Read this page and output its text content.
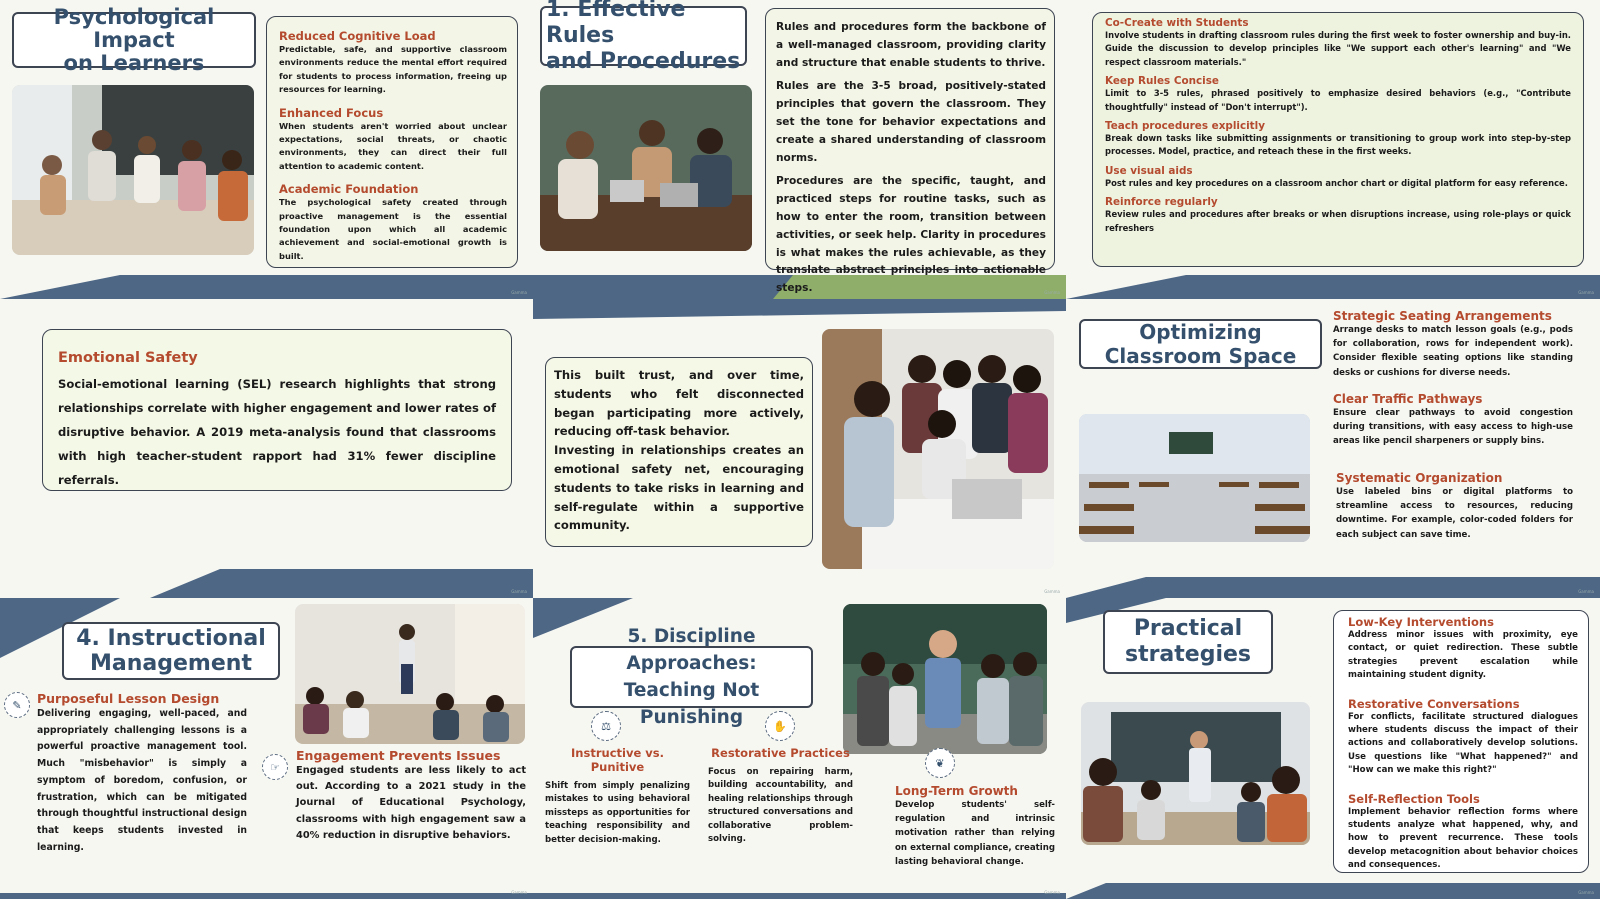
Psychological Impact
on Learners
Reduced Cognitive Load
Predictable, safe, and supportive classroom environments reduce the mental effort required for students to process information, freeing up resources for learning.
Enhanced Focus
When students aren't worried about unclear expectations, social threats, or chaotic environments, they can direct their full attention to academic content.
Academic Foundation
The psychological safety created through proactive management is the essential foundation upon which all academic achievement and social-emotional growth is built.
Gamma
1. Effective Rules
and Procedures
Rules and procedures form the backbone of a well-managed classroom, providing clarity and structure that enable students to thrive.
Rules are the 3-5 broad, positively-stated principles that govern the classroom. They set the tone for behavior expectations and create a shared understanding of classroom norms.
Procedures are the specific, taught, and practiced steps for routine tasks, such as how to enter the room, transition between activities, or seek help. Clarity in procedures is what makes the rules achievable, as they translate abstract principles into actionable steps.	Gamma
Co-Create with Students
Involve students in drafting classroom rules during the first week to foster ownership and buy-in. Guide the discussion to develop principles like "We support each other's learning" and "We respect classroom materials."
Keep Rules Concise
Limit to 3-5 rules, phrased positively to emphasize desired behaviors (e.g., "Contribute thoughtfully" instead of "Don't interrupt").
Teach procedures explicitly
Break down tasks like submitting assignments or transitioning to group work into step-by-step processes. Model, practice, and reteach these in the first weeks.
Use visual aids
Post rules and key procedures on a classroom anchor chart or digital platform for easy reference.
Reinforce regularly
Review rules and procedures after breaks or when disruptions increase, using role-plays or quick refreshers
Gamma
Emotional Safety
Social-emotional learning (SEL) research highlights that strong relationships correlate with higher engagement and lower rates of disruptive behavior. A 2019 meta-analysis found that classrooms with high teacher-student rapport had 31% fewer discipline referrals.
Gamma
This built trust, and over time, students who felt disconnected began participating more actively, reducing off-task behavior.
Investing in relationships creates an emotional safety net, encouraging students to take risks in learning and self-regulate within a supportive community.
Gamma
Optimizing
Classroom Space
Strategic Seating Arrangements
Arrange desks to match lesson goals (e.g., pods for collaboration, rows for independent work). Consider flexible seating options like standing desks or cushions for diverse needs.
Clear Traffic Pathways
Ensure clear pathways to avoid congestion during transitions, with easy access to high-use areas like pencil sharpeners or supply bins.
Systematic Organization
Use labeled bins or digital platforms to streamline access to resources, reducing downtime. For example, color-coded folders for each subject can save time.
Gamma
4. Instructional
Management
✎	Purposeful Lesson Design
Delivering engaging, well-paced, and appropriately challenging lessons is a powerful proactive management tool. Much "misbehavior" is simply a symptom of boredom, confusion, or frustration, which can be mitigated through thoughtful instructional design that keeps students invested in learning.
☞
Engagement Prevents Issues
Engaged students are less likely to act out. According to a 2021 study in the Journal of Educational Psychology, classrooms with high engagement saw a 40% reduction in disruptive behaviors.
Gamma
5. Discipline Approaches:
Teaching Not Punishing
⚖	✋
❦
Instructive vs. Punitive
Shift from simply penalizing mistakes to using behavioral missteps as opportunities for teaching responsibility and better decision-making.
Restorative Practices
Focus on repairing harm, building accountability, and healing relationships through structured conversations and collaborative problem-solving.
Long-Term Growth
Develop students' self-regulation and intrinsic motivation rather than relying on external compliance, creating lasting behavioral change.
Gamma
Practical
strategies
Low-Key Interventions
Address minor issues with proximity, eye contact, or quiet redirection. These subtle strategies prevent escalation while maintaining student dignity.
Restorative Conversations
For conflicts, facilitate structured dialogues where students discuss the impact of their actions and collaboratively develop solutions. Use questions like "What happened?" and "How can we make this right?"
Self-Reflection Tools
Implement behavior reflection forms where students analyze what happened, why, and how to prevent recurrence. These tools develop metacognition about behavior choices and consequences.
Gamma
